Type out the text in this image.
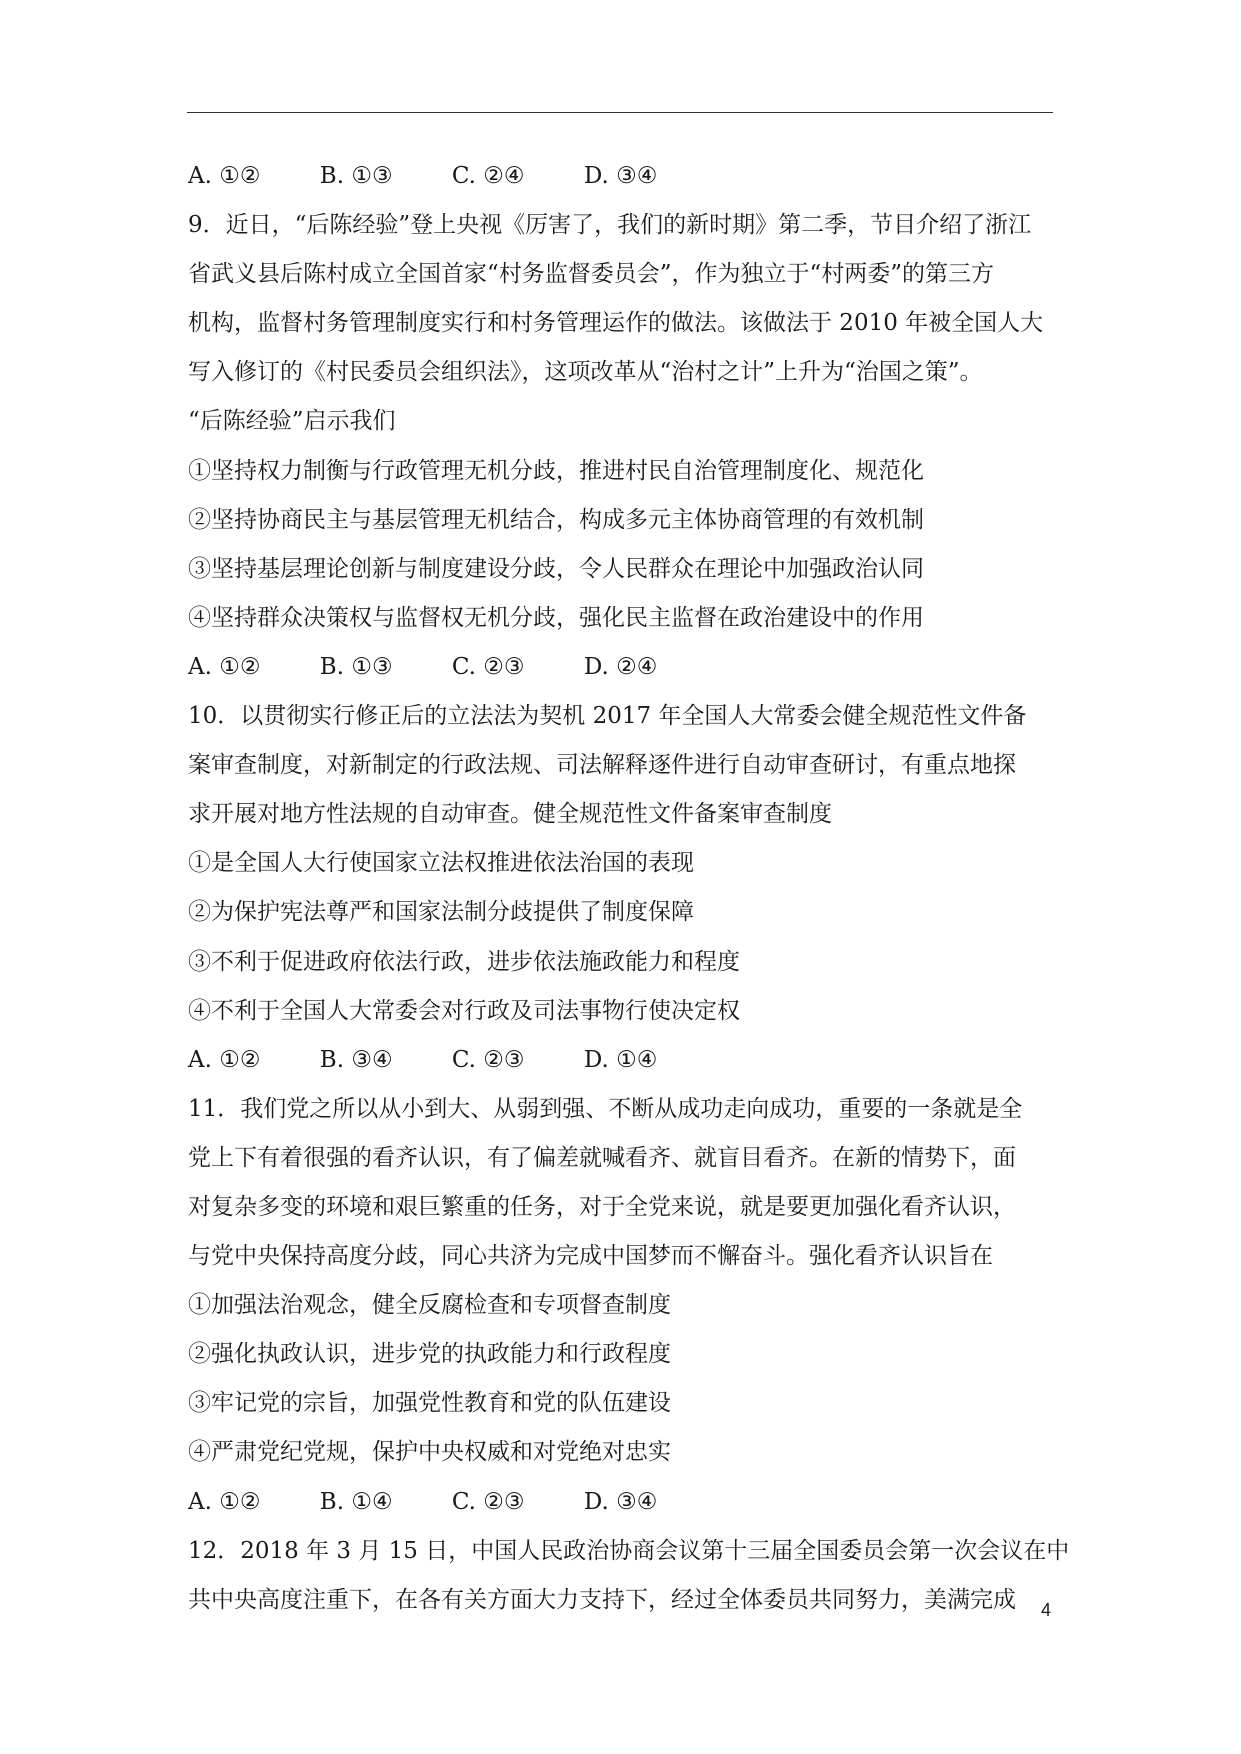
A. ①②	B. ①③	C. ②④	D. ③④
9．近日，“后陈经验”登上央视《厉害了，我们的新时期》第二季，节目介绍了浙江
省武义县后陈村成立全国首家“村务监督委员会”，作为独立于“村两委”的第三方
机构，监督村务管理制度实行和村务管理运作的做法。该做法于 2010 年被全国人大
写入修订的《村民委员会组织法》，这项改革从“治村之计”上升为“治国之策”。
“后陈经验”启示我们
①坚持权力制衡与行政管理无机分歧，推进村民自治管理制度化、规范化
②坚持协商民主与基层管理无机结合，构成多元主体协商管理的有效机制
③坚持基层理论创新与制度建设分歧，令人民群众在理论中加强政治认同
④坚持群众决策权与监督权无机分歧，强化民主监督在政治建设中的作用
A. ①②	B. ①③	C. ②③	D. ②④
10．以贯彻实行修正后的立法法为契机 2017 年全国人大常委会健全规范性文件备
案审查制度，对新制定的行政法规、司法解释逐件进行自动审查研讨，有重点地探
求开展对地方性法规的自动审查。健全规范性文件备案审查制度
①是全国人大行使国家立法权推进依法治国的表现
②为保护宪法尊严和国家法制分歧提供了制度保障
③不利于促进政府依法行政，进步依法施政能力和程度
④不利于全国人大常委会对行政及司法事物行使决定权
A. ①②	B. ③④	C. ②③	D. ①④
11．我们党之所以从小到大、从弱到强、不断从成功走向成功，重要的一条就是全
党上下有着很强的看齐认识，有了偏差就喊看齐、就盲目看齐。在新的情势下，面
对复杂多变的环境和艰巨繁重的任务，对于全党来说，就是要更加强化看齐认识，
与党中央保持高度分歧，同心共济为完成中国梦而不懈奋斗。强化看齐认识旨在
①加强法治观念，健全反腐检查和专项督查制度
②强化执政认识，进步党的执政能力和行政程度
③牢记党的宗旨，加强党性教育和党的队伍建设
④严肃党纪党规，保护中央权威和对党绝对忠实
A. ①②	B. ①④	C. ②③	D. ③④
12．2018 年 3 月 15 日，中国人民政治协商会议第十三届全国委员会第一次会议在中
共中央高度注重下，在各有关方面大力支持下，经过全体委员共同努力，美满完成	4
